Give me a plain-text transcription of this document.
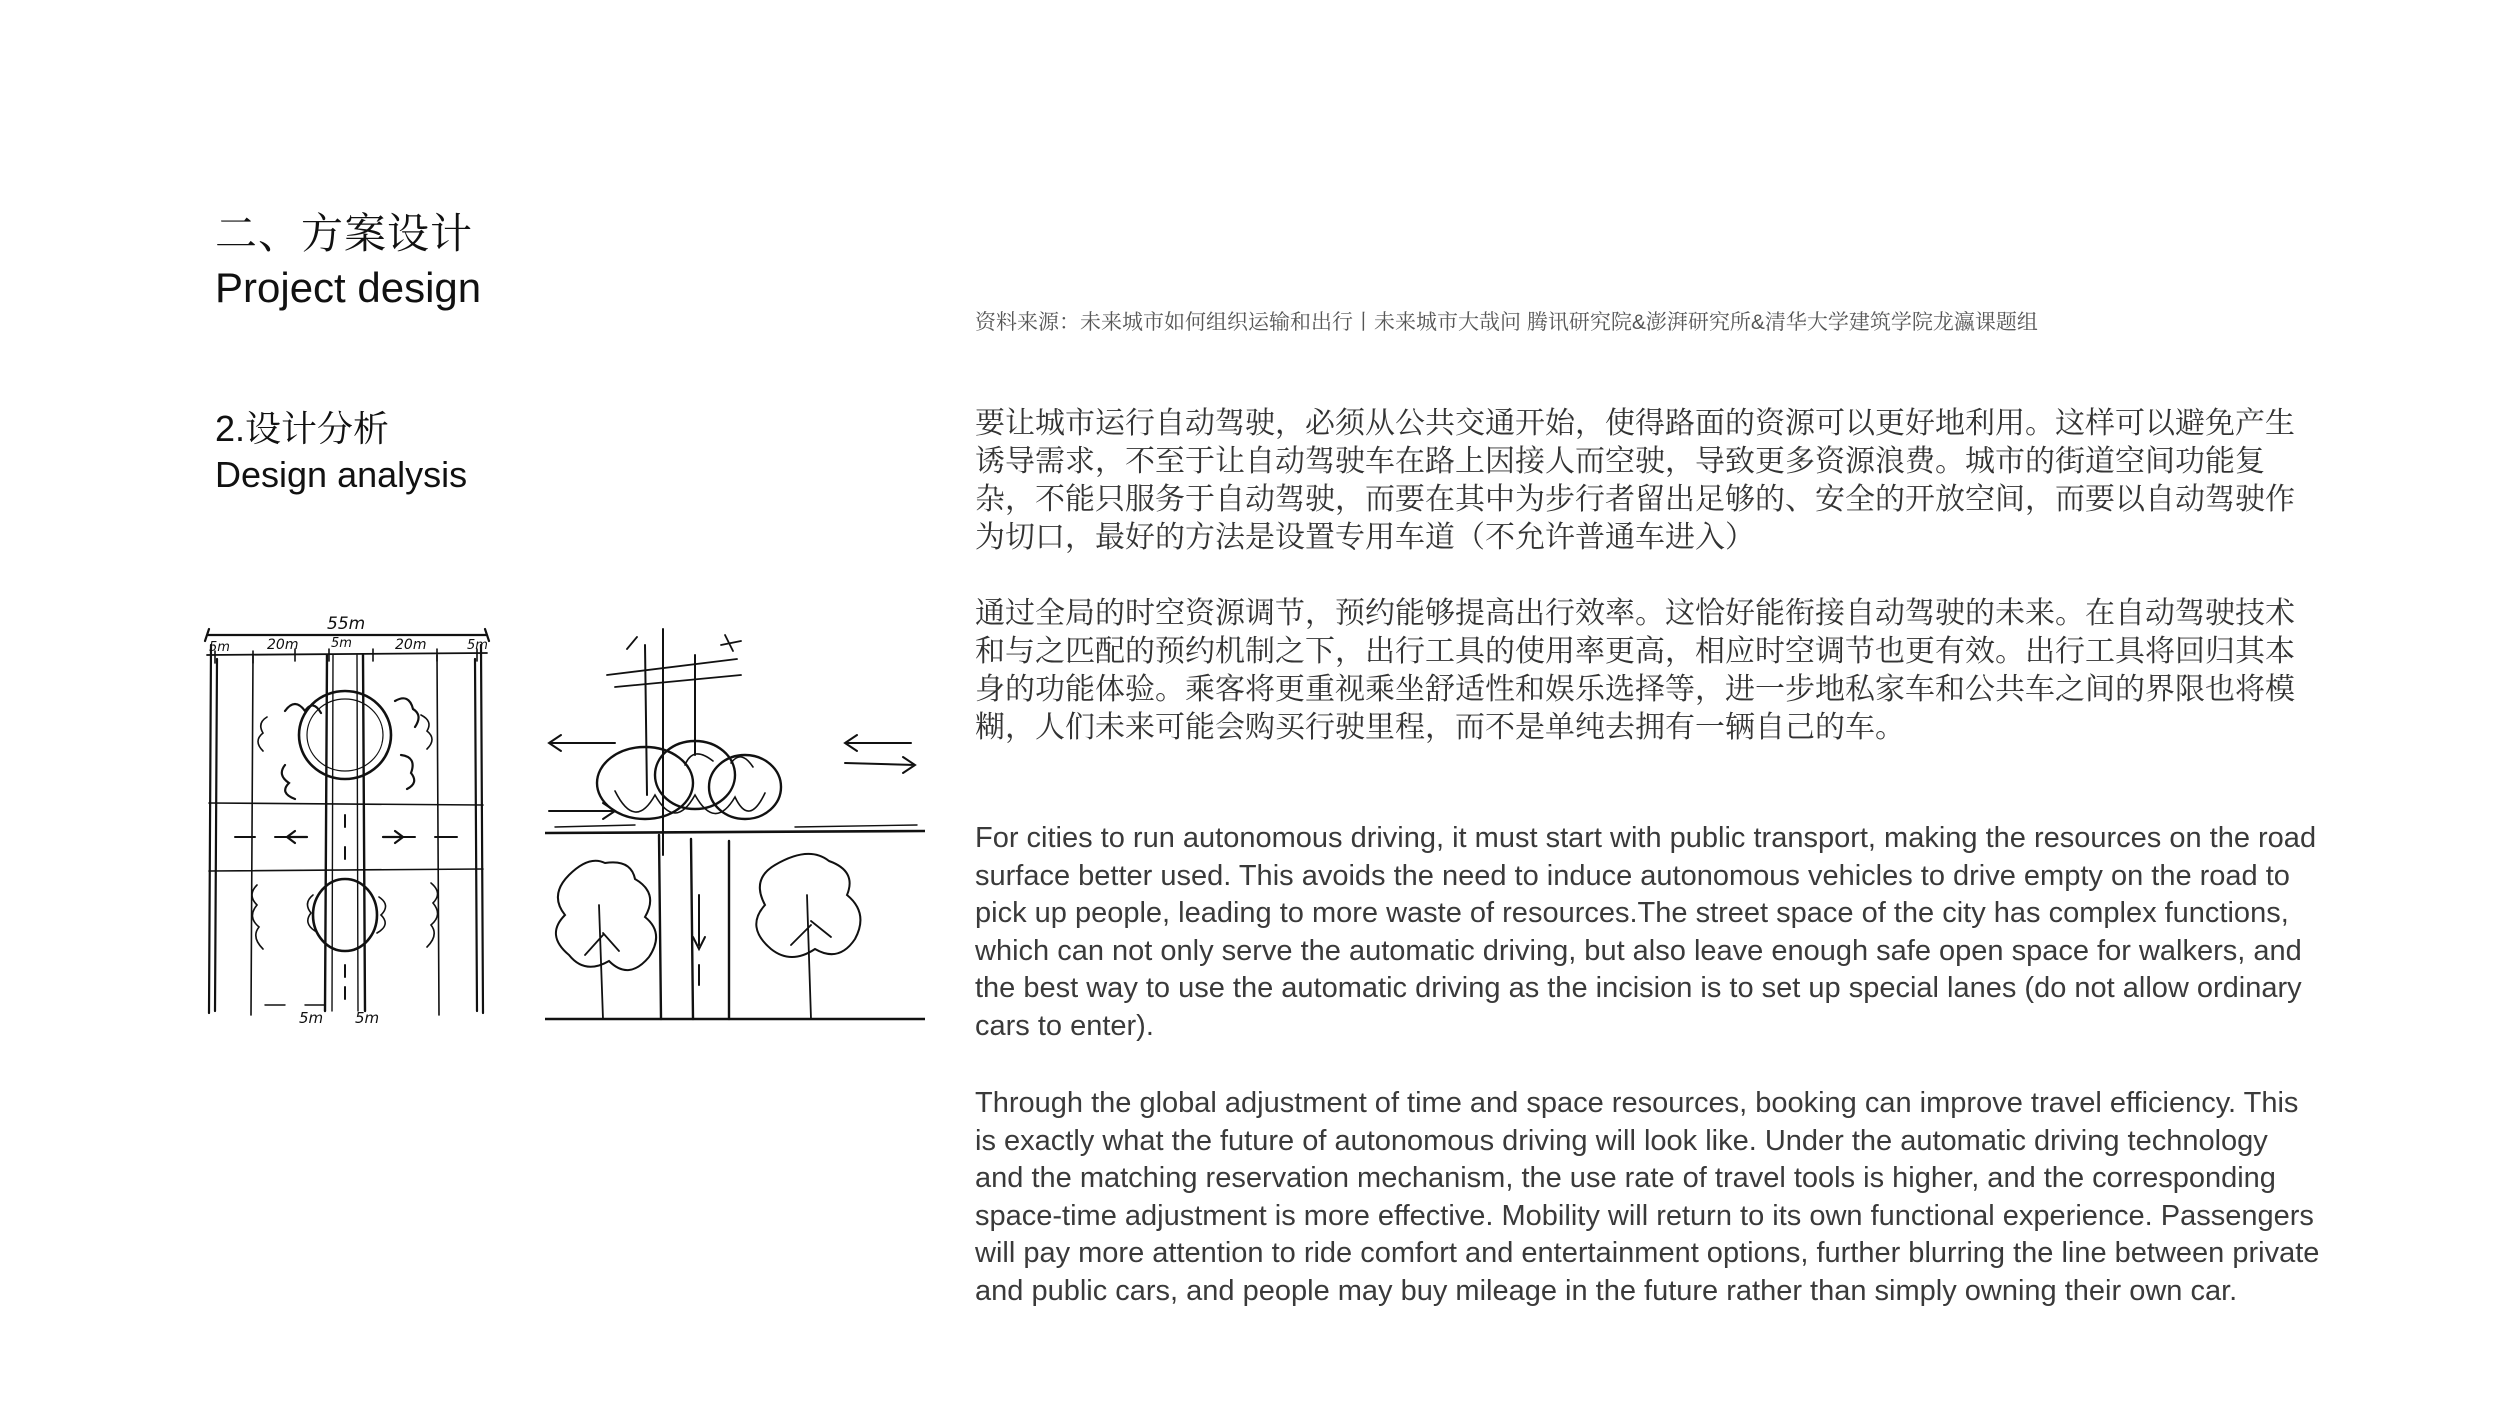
二、方案设计
Project design
2.设计分析
Design analysis
资料来源：未来城市如何组织运输和出行丨未来城市大哉问 腾讯研究院&澎湃研究所&清华大学建筑学院龙瀛课题组

要让城市运行自动驾驶，必须从公共交通开始，使得路面的资源可以更好地利用。这样可以避免产生诱导需求，不至于让自动驾驶车在路上因接人而空驶，导致更多资源浪费。城市的街道空间功能复杂，不能只服务于自动驾驶，而要在其中为步行者留出足够的、安全的开放空间，而要以自动驾驶作为切口，最好的方法是设置专用车道（不允许普通车进入）

通过全局的时空资源调节，预约能够提高出行效率。这恰好能衔接自动驾驶的未来。在自动驾驶技术和与之匹配的预约机制之下，出行工具的使用率更高，相应时空调节也更有效。出行工具将回归其本身的功能体验。乘客将更重视乘坐舒适性和娱乐选择等，进一步地私家车和公共车之间的界限也将模糊，人们未来可能会购买行驶里程，而不是单纯去拥有一辆自己的车。

For cities to run autonomous driving, it must start with public transport, making the resources on the road surface better used. This avoids the need to induce autonomous vehicles to drive empty on the road to pick up people, leading to more waste of resources.The street space of the city has complex functions, which can not only serve the automatic driving, but also leave enough safe open space for walkers, and the best way to use the automatic driving as the incision is to set up special lanes (do not allow ordinary cars to enter).

Through the global adjustment of time and space resources, booking can improve travel efficiency. This is exactly what the future of autonomous driving will look like. Under the automatic driving technology and the matching reservation mechanism, the use rate of travel tools is higher, and the corresponding space-time adjustment is more effective. Mobility will return to its own functional experience. Passengers will pay more attention to ride comfort and entertainment options, further blurring the line between private and public cars, and people may buy mileage in the future rather than simply owning their own car.

55m
5m	20m	5m	20m	5m
5m 5m
